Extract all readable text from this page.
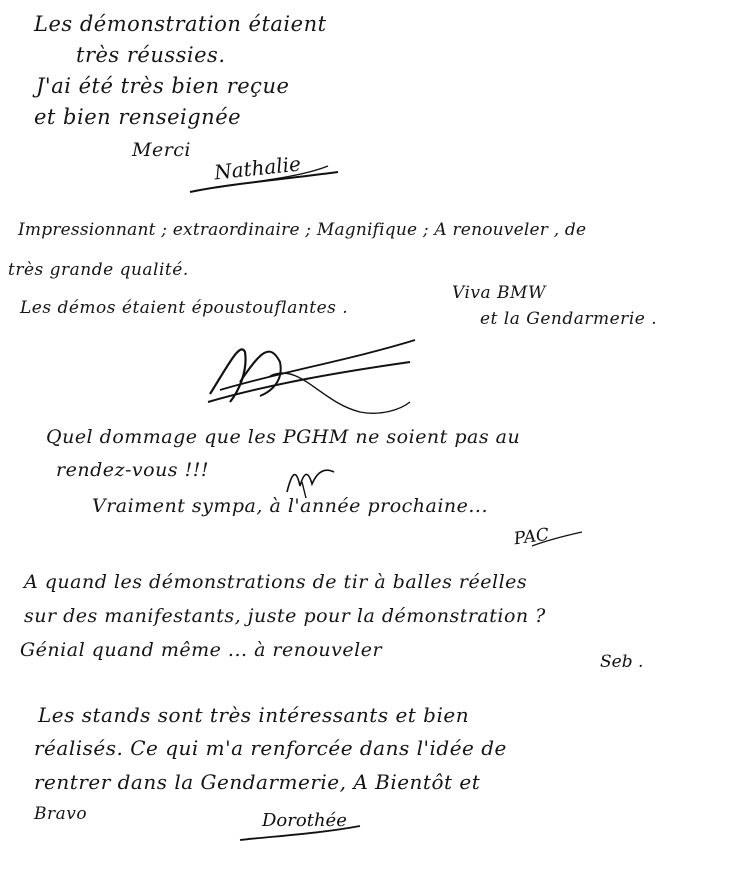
Les démonstration étaient
très réussies.
J'ai été très bien reçue
et bien renseignée
Merci
Nathalie
Impressionnant ; extraordinaire ; Magnifique ; A renouveler , de
très grande qualité.
Les démos étaient époustouflantes .
Viva BMW
et la Gendarmerie .
Quel dommage que les PGHM ne soient pas au
rendez-vous !!!
Vraiment sympa, à l'année prochaine...
PAC
A quand les démonstrations de tir à balles réelles
sur des manifestants, juste pour la démonstration ?
Génial quand même ... à renouveler
Seb .
Les stands sont très intéressants et bien
réalisés. Ce qui m'a renforcée dans l'idée de
rentrer dans la Gendarmerie, A Bientôt et
Bravo	Dorothée
